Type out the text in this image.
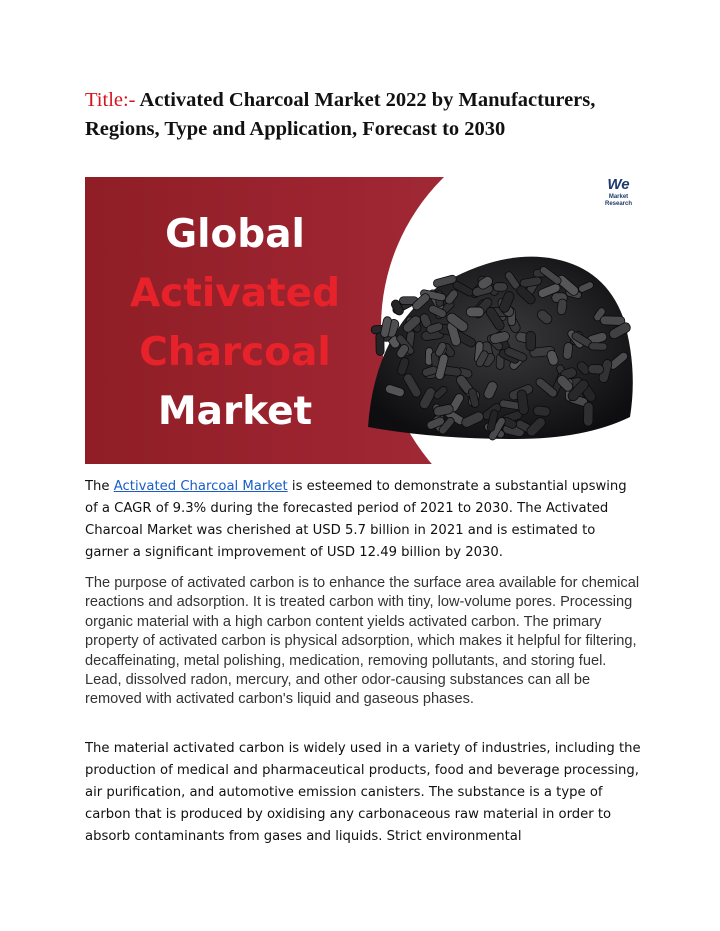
Title:- Activated Charcoal Market 2022 by Manufacturers, Regions, Type and Application, Forecast to 2030
Global
Activated
Charcoal
Market
We
Market
Research

The Activated Charcoal Market is esteemed to demonstrate a substantial upswing of a CAGR of 9.3% during the forecasted period of 2021 to 2030. The Activated Charcoal Market was cherished at USD 5.7 billion in 2021 and is estimated to garner a significant improvement of USD 12.49 billion by 2030.

The purpose of activated carbon is to enhance the surface area available for chemical reactions and adsorption. It is treated carbon with tiny, low-volume pores. Processing organic material with a high carbon content yields activated carbon. The primary property of activated carbon is physical adsorption, which makes it helpful for filtering, decaffeinating, metal polishing, medication, removing pollutants, and storing fuel. Lead, dissolved radon, mercury, and other odor-causing substances can all be removed with activated carbon's liquid and gaseous phases.

The material activated carbon is widely used in a variety of industries, including the production of medical and pharmaceutical products, food and beverage processing, air purification, and automotive emission canisters. The substance is a type of carbon that is produced by oxidising any carbonaceous raw material in order to absorb contaminants from gases and liquids. Strict environmental
